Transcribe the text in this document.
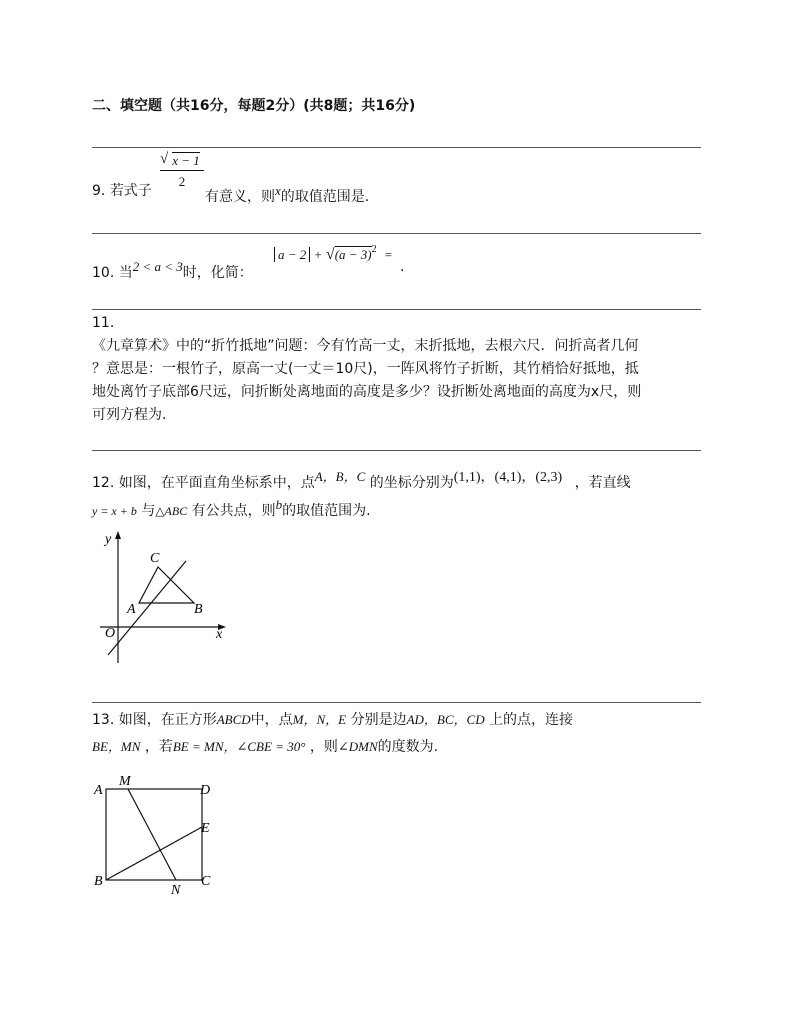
二、填空题（共16分，每题2分）(共8题；共16分)
9. 若式子
√ x − 1
2
有意义，则x的取值范围是.
10. 当2 < a < 3时，化简：
$a - 2 + √(a - 3)^2$ =
.
11.
《九章算术》中的“折竹抵地”问题：今有竹高一丈，末折抵地，去根六尺．问折高者几何
？意思是：一根竹子，原高一丈(一丈＝10尺)，一阵风将竹子折断，其竹梢恰好抵地，抵
地处离竹子底部6尺远，问折断处离地面的高度是多少？设折断处离地面的高度为x尺，则
可列方程为.
12. 如图，在平面直角坐标系中，点A，B，C 的坐标分别为(1,1)，(4,1)，(2,3) ，若直线
y = x + b 与△ABC 有公共点，则b的取值范围为.
y
x
O
A	B
C
13. 如图，在正方形ABCD中，点M，N，E 分别是边AD，BC，CD 上的点，连接
BE，MN ，若BE = MN，∠CBE = 30° ，则∠DMN的度数为.
A
M
D
E
B
N
C
